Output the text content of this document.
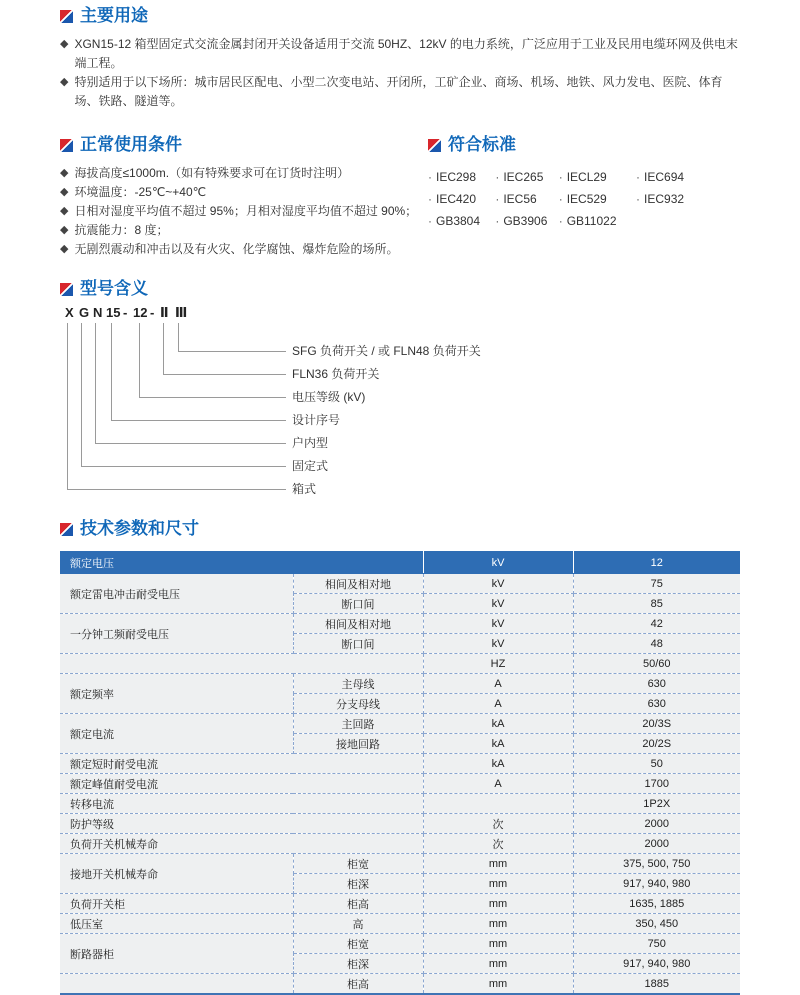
主要用途
◆ XGN15-12 箱型固定式交流金属封闭开关设备适用于交流 50HZ、12kV 的电力系统，广泛应用于工业及民用电缆环网及供电末端工程。
◆ 特别适用于以下场所：城市居民区配电、小型二次变电站、开闭所，工矿企业、商场、机场、地铁、风力发电、医院、体育场、铁路、隧道等。
正常使用条件
◆ 海拔高度≤1000m.（如有特殊要求可在订货时注明）
◆ 环境温度：-25℃~+40℃
◆ 日相对湿度平均值不超过 95%；月相对湿度平均值不超过 90%；
◆ 抗震能力：8 度；
◆ 无剧烈震动和冲击以及有火灾、化学腐蚀、爆炸危险的场所。
符合标准
· IEC298 · IEC265 · IECL29 · IEC694
· IEC420 · IEC56 · IEC529 · IEC932
· GB3804 · GB3906 · GB11022
型号含义
X G N 15 - 12 - Ⅱ Ⅲ
SFG 负荷开关 / 或 FLN48 负荷开关
FLN36 负荷开关
电压等级 (kV)
设计序号
户内型
固定式
箱式
技术参数和尺寸
额定电压		kV	12
额定雷电冲击耐受电压	相间及相对地	kV	75
	断口间	kV	85
一分钟工频耐受电压	相间及相对地	kV	42
	断口间	kV	48
		HZ	50/60
额定频率	主母线	A	630
	分支母线	A	630
额定电流	主回路	kA	20/3S
	接地回路	kA	20/2S
额定短时耐受电流		kA	50
额定峰值耐受电流		A	1700
转移电流			1P2X
防护等级		次	2000
负荷开关机械寿命		次	2000
接地开关机械寿命	柜宽	mm	375, 500, 750
	柜深	mm	917, 940, 980
负荷开关柜	柜高	mm	1635, 1885
低压室	高	mm	350, 450
断路器柜	柜宽	mm	750
	柜深	mm	917, 940, 980
	柜高	mm	1885
